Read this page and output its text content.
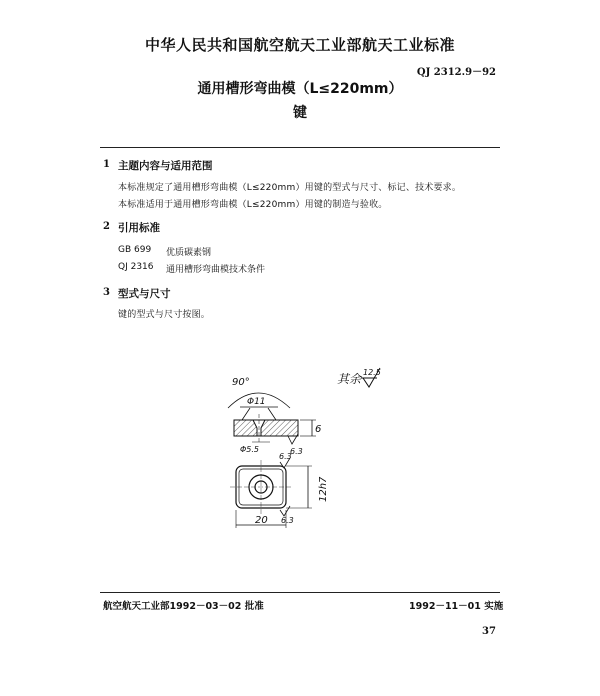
中华人民共和国航空航天工业部航天工业标准
QJ 2312.9－92
通用槽形弯曲模（L≤220mm）
键
1 主题内容与适用范围
本标准规定了通用槽形弯曲模（L≤220mm）用键的型式与尺寸、标记、技术要求。
本标准适用于通用槽形弯曲模（L≤220mm）用键的制造与验收。
2 引用标准
GB 699 优质碳素钢
QJ 2316 通用槽形弯曲模技术条件
3 型式与尺寸
键的型式与尺寸按图。
其余 12.5
90°
Φ11
6
Φ5.5	6.3
6.3
12h7
20 6.3
航空航天工业部1992－03－02 批准	1992－11－01 实施
37
